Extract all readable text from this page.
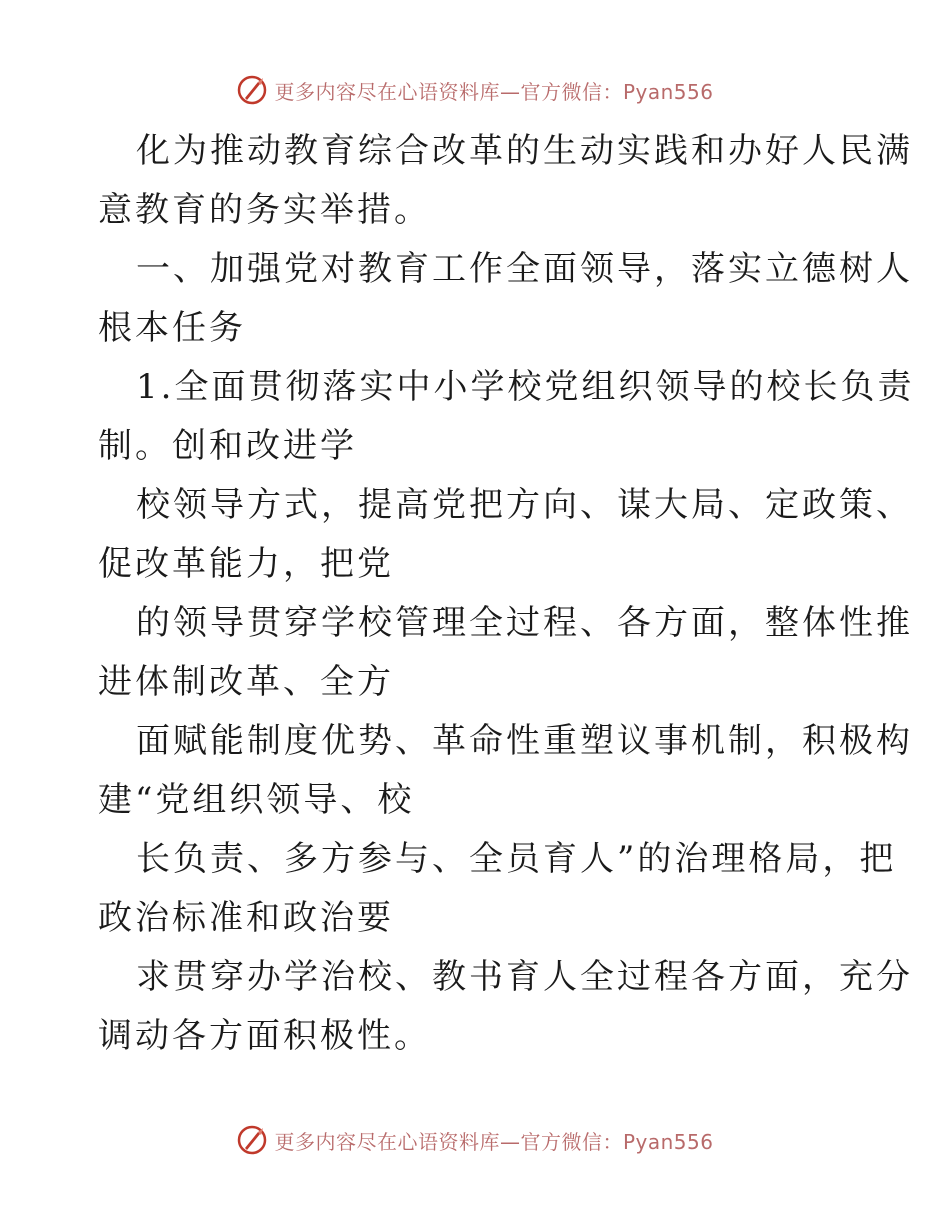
更多内容尽在心语资料库—官方微信：Pyan556

化为推动教育综合改革的生动实践和办好人民满

意教育的务实举措。

一、加强党对教育工作全面领导，落实立德树人

根本任务

1.全面贯彻落实中小学校党组织领导的校长负责

制。创和改进学

校领导方式，提高党把方向、谋大局、定政策、

促改革能力，把党

的领导贯穿学校管理全过程、各方面，整体性推

进体制改革、全方

面赋能制度优势、革命性重塑议事机制，积极构

建“党组织领导、校

长负责、多方参与、全员育人”的治理格局，把

政治标准和政治要

求贯穿办学治校、教书育人全过程各方面，充分

调动各方面积极性。

更多内容尽在心语资料库—官方微信：Pyan556
